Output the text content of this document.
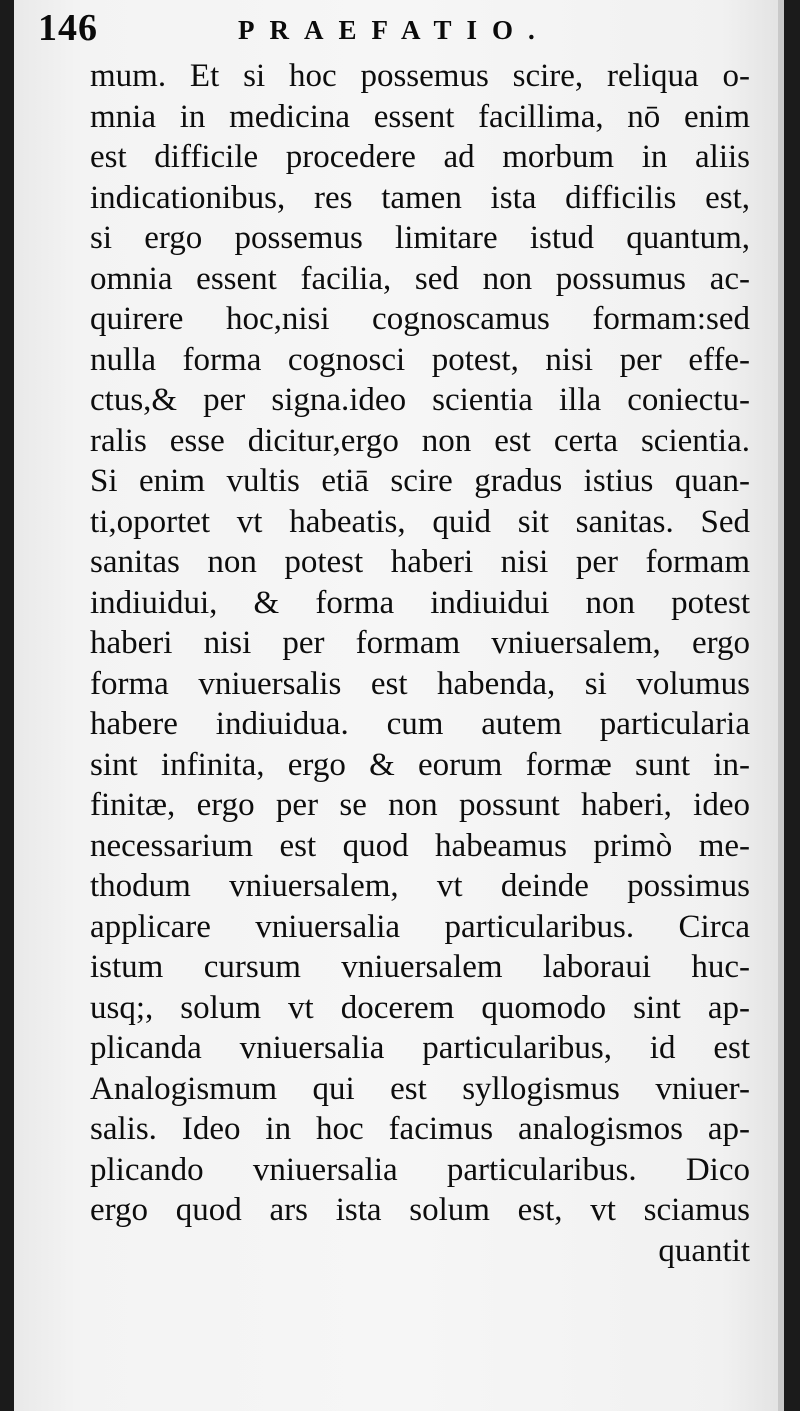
146	PRAEFATIO.
mum. Et si hoc possemus scire, reliqua o-
mnia in medicina essent facillima, nō enim
est difficile procedere ad morbum in aliis
indicationibus, res tamen ista difficilis est,
si ergo possemus limitare istud quantum,
omnia essent facilia, sed non possumus ac-
quirere hoc,nisi cognoscamus formam:sed
nulla forma cognosci potest, nisi per effe-
ctus,& per signa.ideo scientia illa coniectu-
ralis esse dicitur,ergo non est certa scientia.
Si enim vultis etiā scire gradus istius quan-
ti,oportet vt habeatis, quid sit sanitas. Sed
sanitas non potest haberi nisi per formam
indiuidui, & forma indiuidui non potest
haberi nisi per formam vniuersalem, ergo
forma vniuersalis est habenda, si volumus
habere indiuidua. cum autem particularia
sint infinita, ergo & eorum formæ sunt in-
finitæ, ergo per se non possunt haberi, ideo
necessarium est quod habeamus primò me-
thodum vniuersalem, vt deinde possimus
applicare vniuersalia particularibus. Circa
istum cursum vniuersalem laboraui huc-
usq;, solum vt docerem quomodo sint ap-
plicanda vniuersalia particularibus, id est
Analogismum qui est syllogismus vniuer-
salis. Ideo in hoc facimus analogismos ap-
plicando vniuersalia particularibus. Dico
ergo quod ars ista solum est, vt sciamus
quantit
